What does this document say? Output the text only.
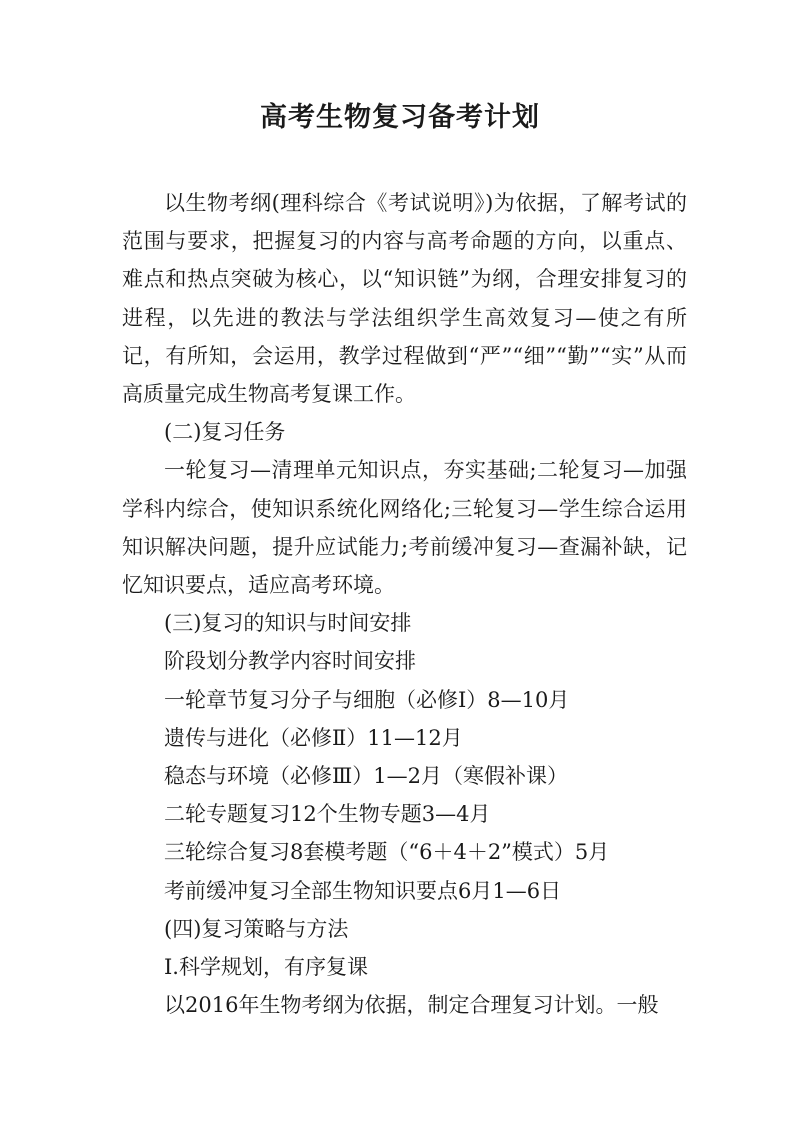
高考生物复习备考计划

以生物考纲(理科综合《考试说明》)为依据，了解考试的范围与要求，把握复习的内容与高考命题的方向，以重点、难点和热点突破为核心，以“知识链”为纲，合理安排复习的进程，以先进的教法与学法组织学生高效复习—使之有所记，有所知，会运用，教学过程做到“严”“细”“勤”“实”从而高质量完成生物高考复课工作。

(二)复习任务

一轮复习—清理单元知识点，夯实基础;二轮复习—加强学科内综合，使知识系统化网络化;三轮复习—学生综合运用知识解决问题，提升应试能力;考前缓冲复习—查漏补缺，记忆知识要点，适应高考环境。

(三)复习的知识与时间安排

阶段划分教学内容时间安排

一轮章节复习分子与细胞（必修Ⅰ）8—10月

遗传与进化（必修Ⅱ）11—12月

稳态与环境（必修Ⅲ）1—2月（寒假补课）

二轮专题复习12个生物专题3—4月

三轮综合复习8套模考题（“6＋4＋2”模式）5月

考前缓冲复习全部生物知识要点6月1—6日

(四)复习策略与方法

Ⅰ.科学规划，有序复课

以2016年生物考纲为依据，制定合理复习计划。一般
